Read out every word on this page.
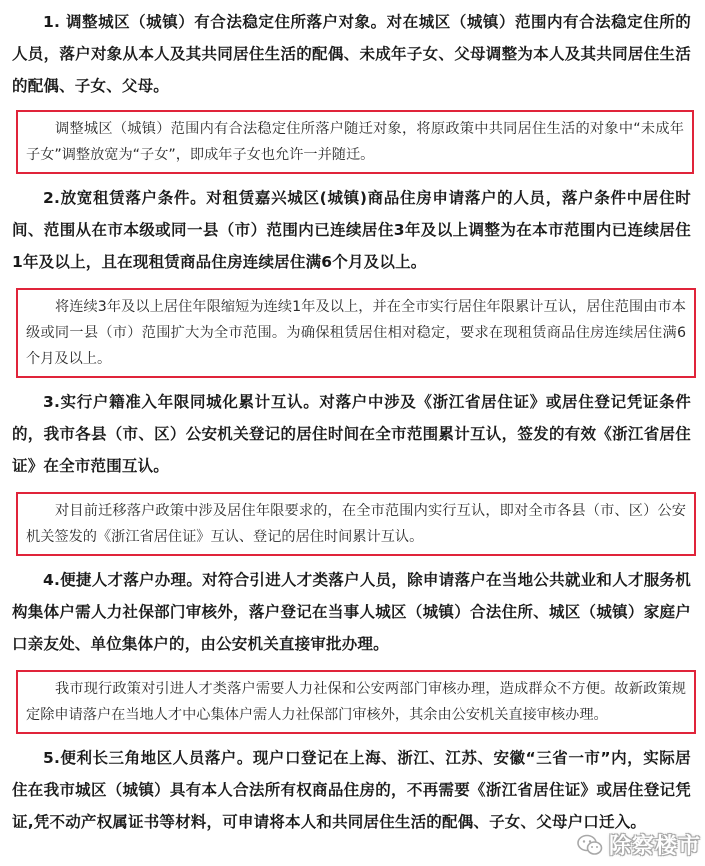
1. 调整城区（城镇）有合法稳定住所落户对象。对在城区（城镇）范围内有合法稳定住所的人员，落户对象从本人及其共同居住生活的配偶、未成年子女、父母调整为本人及其共同居住生活的配偶、子女、父母。

调整城区（城镇）范围内有合法稳定住所落户随迁对象，将原政策中共同居住生活的对象中“未成年子女”调整放宽为“子女”，即成年子女也允许一并随迁。

2.放宽租赁落户条件。对租赁嘉兴城区(城镇)商品住房申请落户的人员，落户条件中居住时间、范围从在市本级或同一县（市）范围内已连续居住3年及以上调整为在本市范围内已连续居住1年及以上，且在现租赁商品住房连续居住满6个月及以上。

将连续3年及以上居住年限缩短为连续1年及以上，并在全市实行居住年限累计互认，居住范围由市本级或同一县（市）范围扩大为全市范围。为确保租赁居住相对稳定，要求在现租赁商品住房连续居住满6个月及以上。

3.实行户籍准入年限同城化累计互认。对落户中涉及《浙江省居住证》或居住登记凭证条件的，我市各县（市、区）公安机关登记的居住时间在全市范围累计互认，签发的有效《浙江省居住证》在全市范围互认。

对目前迁移落户政策中涉及居住年限要求的，在全市范围内实行互认，即对全市各县（市、区）公安机关签发的《浙江省居住证》互认、登记的居住时间累计互认。

4.便捷人才落户办理。对符合引进人才类落户人员，除申请落户在当地公共就业和人才服务机构集体户需人力社保部门审核外，落户登记在当事人城区（城镇）合法住所、城区（城镇）家庭户口亲友处、单位集体户的，由公安机关直接审批办理。

我市现行政策对引进人才类落户需要人力社保和公安两部门审核办理，造成群众不方便。故新政策规定除申请落户在当地人才中心集体户需人力社保部门审核外，其余由公安机关直接审核办理。

5.便利长三角地区人员落户。现户口登记在上海、浙江、江苏、安徽“三省一市”内，实际居住在我市城区（城镇）具有本人合法所有权商品住房的，不再需要《浙江省居住证》或居住登记凭证,凭不动产权属证书等材料，可申请将本人和共同居住生活的配偶、子女、父母户口迁入。

除察楼市
